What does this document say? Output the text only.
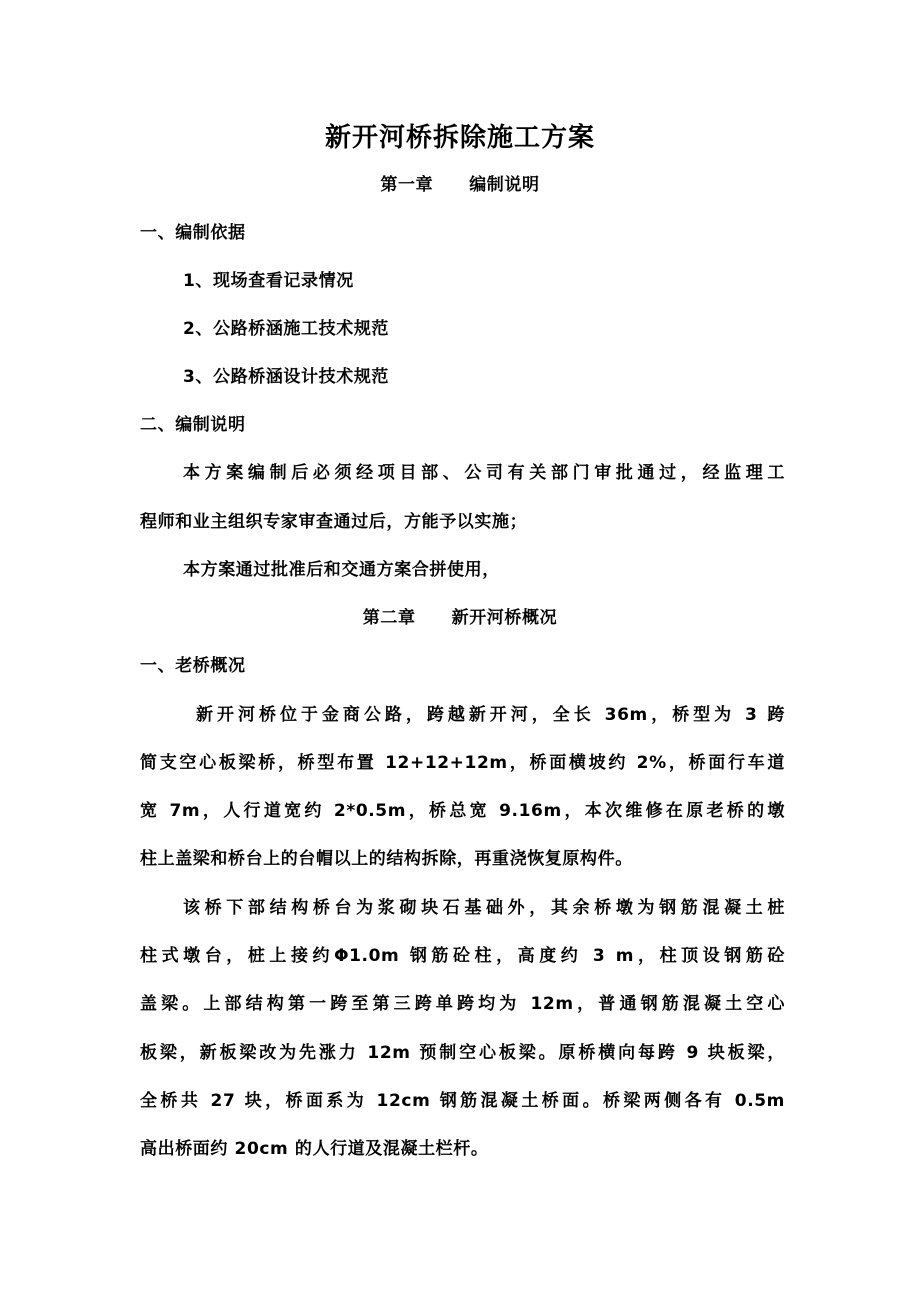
新开河桥拆除施工方案
第一章 编制说明
一、编制依据
1、现场查看记录情况
2、公路桥涵施工技术规范
3、公路桥涵设计技术规范
二、编制说明
本方案编制后必须经项目部、公司有关部门审批通过，经监理工
程师和业主组织专家审查通过后，方能予以实施；
本方案通过批准后和交通方案合拼使用，
第二章 新开河桥概况
一、老桥概况
新开河桥位于金商公路，跨越新开河，全长 36m，桥型为 3 跨
简支空心板梁桥，桥型布置 12+12+12m，桥面横坡约 2%，桥面行车道
宽 7m，人行道宽约 2*0.5m，桥总宽 9.16m，本次维修在原老桥的墩
柱上盖梁和桥台上的台帽以上的结构拆除，再重浇恢复原构件。
该桥下部结构桥台为浆砌块石基础外，其余桥墩为钢筋混凝土桩
柱式墩台，桩上接约Φ1.0m 钢筋砼柱，高度约 3 m，柱顶设钢筋砼
盖梁。上部结构第一跨至第三跨单跨均为 12m，普通钢筋混凝土空心
板梁，新板梁改为先涨力 12m 预制空心板梁。原桥横向每跨 9 块板梁，
全桥共 27 块，桥面系为 12cm 钢筋混凝土桥面。桥梁两侧各有 0.5m
高出桥面约 20cm 的人行道及混凝土栏杆。
